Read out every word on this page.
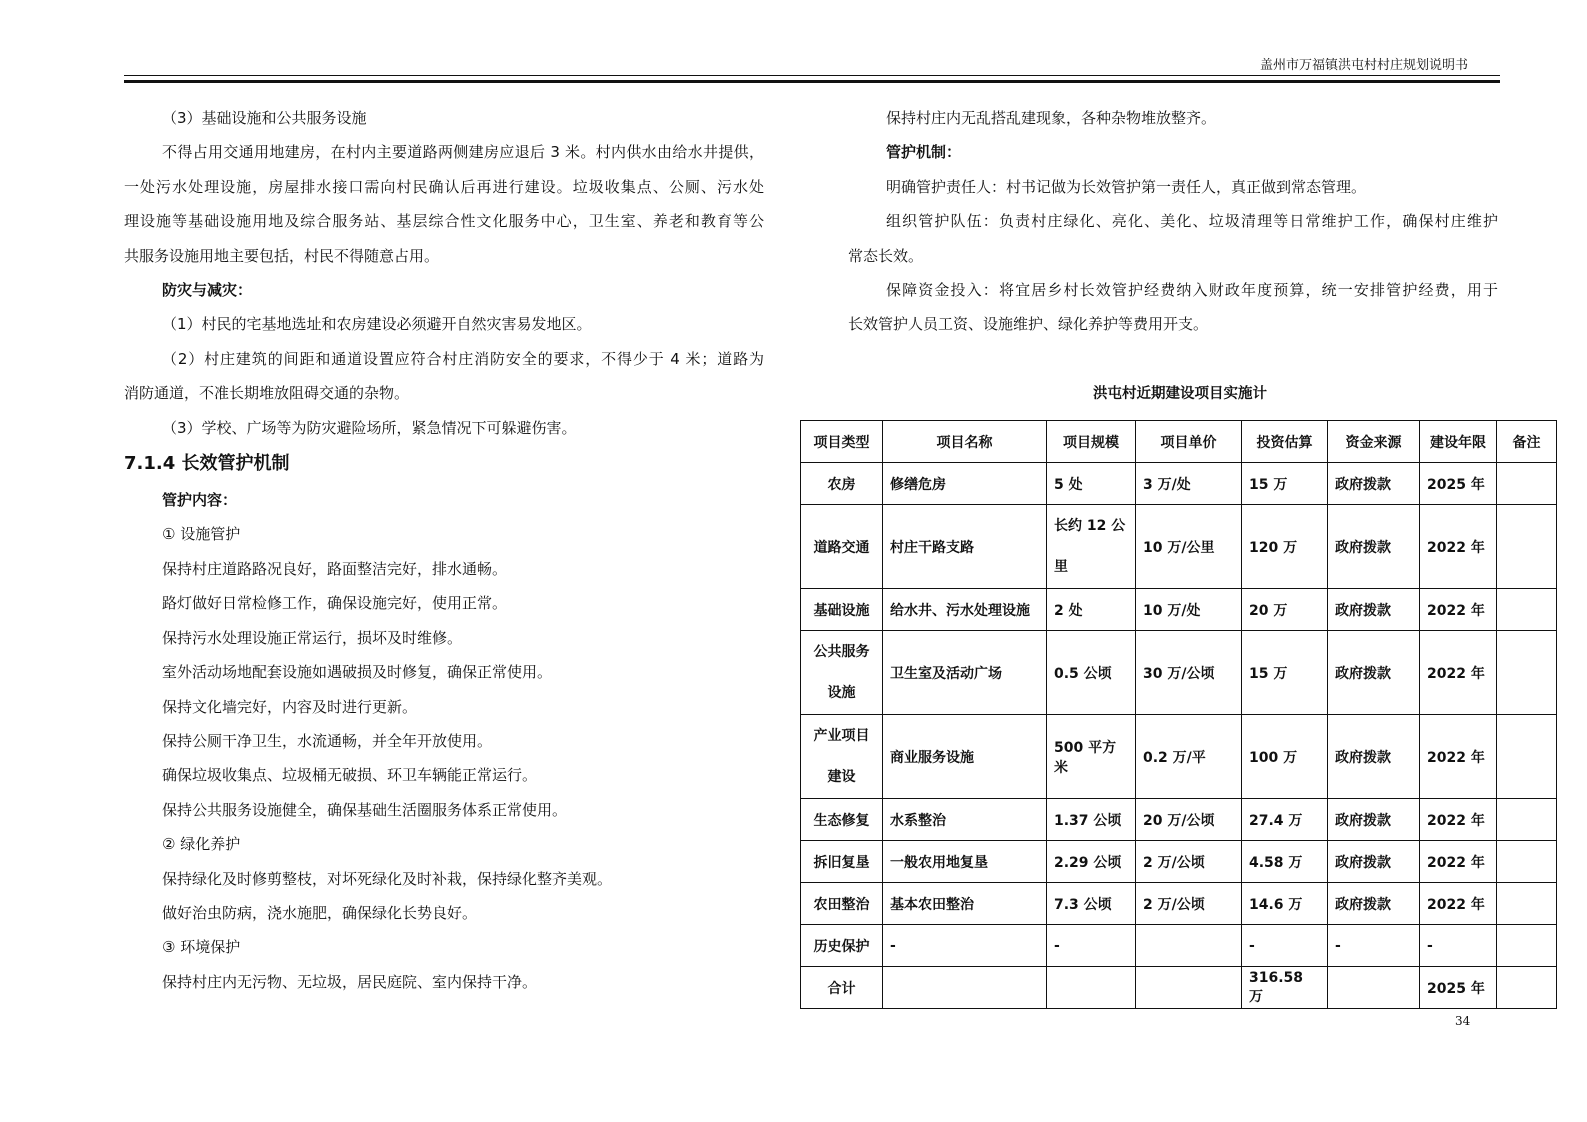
盖州市万福镇洪屯村村庄规划说明书

（3）基础设施和公共服务设施

不得占用交通用地建房，在村内主要道路两侧建房应退后 3 米。村内供水由给水井提供，

一处污水处理设施，房屋排水接口需向村民确认后再进行建设。垃圾收集点、公厕、污水处

理设施等基础设施用地及综合服务站、基层综合性文化服务中心，卫生室、养老和教育等公

共服务设施用地主要包括，村民不得随意占用。

防灾与减灾：

（1）村民的宅基地选址和农房建设必须避开自然灾害易发地区。

（2）村庄建筑的间距和通道设置应符合村庄消防安全的要求，不得少于 4 米；道路为

消防通道，不准长期堆放阻碍交通的杂物。

（3）学校、广场等为防灾避险场所，紧急情况下可躲避伤害。

7.1.4 长效管护机制

管护内容：

① 设施管护

保持村庄道路路况良好，路面整洁完好，排水通畅。

路灯做好日常检修工作，确保设施完好，使用正常。

保持污水处理设施正常运行，损坏及时维修。

室外活动场地配套设施如遇破损及时修复，确保正常使用。

保持文化墙完好，内容及时进行更新。

保持公厕干净卫生，水流通畅，并全年开放使用。

确保垃圾收集点、垃圾桶无破损、环卫车辆能正常运行。

保持公共服务设施健全，确保基础生活圈服务体系正常使用。

② 绿化养护

保持绿化及时修剪整枝，对坏死绿化及时补栽，保持绿化整齐美观。

做好治虫防病，浇水施肥，确保绿化长势良好。

③ 环境保护

保持村庄内无污物、无垃圾，居民庭院、室内保持干净。

保持村庄内无乱搭乱建现象，各种杂物堆放整齐。

管护机制：

明确管护责任人：村书记做为长效管护第一责任人，真正做到常态管理。

组织管护队伍：负责村庄绿化、亮化、美化、垃圾清理等日常维护工作，确保村庄维护

常态长效。

保障资金投入：将宜居乡村长效管护经费纳入财政年度预算，统一安排管护经费，用于

长效管护人员工资、设施维护、绿化养护等费用开支。

洪屯村近期建设项目实施计
项目类型	项目名称	项目规模	项目单价	投资估算	资金来源	建设年限	备注

农房	修缮危房	5 处	3 万/处	15 万	政府拨款	2025 年	

道路交通	村庄干路支路	长约 12 公
里	10 万/公里	120 万	政府拨款	2022 年	

基础设施	给水井、污水处理设施	2 处	10 万/处	20 万	政府拨款	2022 年	

公共服务
设施	卫生室及活动广场	0.5 公顷	30 万/公顷	15 万	政府拨款	2022 年	

产业项目
建设	商业服务设施	500 平方米	0.2 万/平	100 万	政府拨款	2022 年	

生态修复	水系整治	1.37 公顷	20 万/公顷	27.4 万	政府拨款	2022 年	

拆旧复垦	一般农用地复垦	2.29 公顷	2 万/公顷	4.58 万	政府拨款	2022 年	

农田整治	基本农田整治	7.3 公顷	2 万/公顷	14.6 万	政府拨款	2022 年	

历史保护	-	-		-	-	-	

合计				316.58 万		2025 年	
34
